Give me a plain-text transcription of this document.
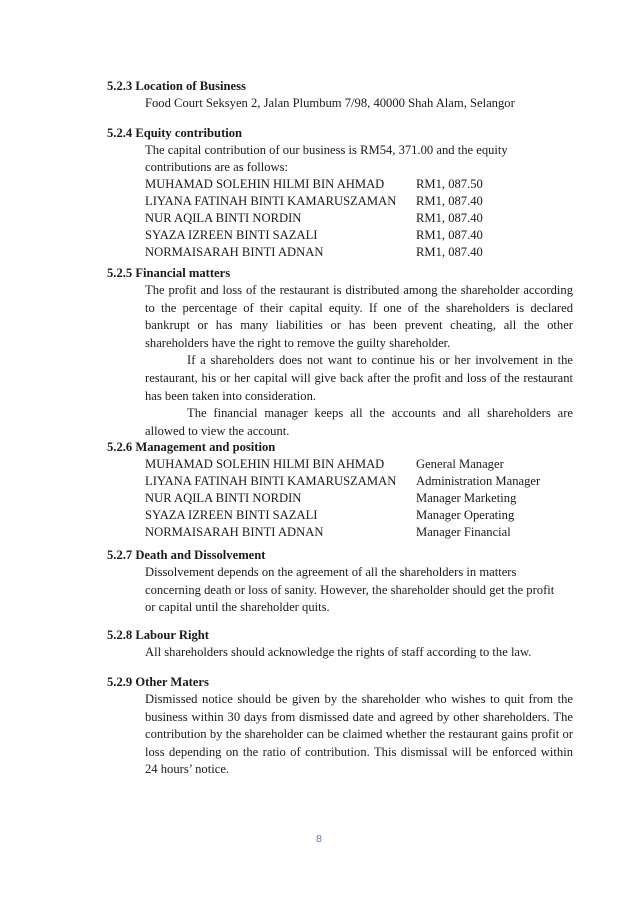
5.2.3 Location of Business
Food Court Seksyen 2, Jalan Plumbum 7/98, 40000 Shah Alam, Selangor
5.2.4 Equity contribution
The capital contribution of our business is RM54, 371.00 and the equity
contributions are as follows:
MUHAMAD SOLEHIN HILMI BIN AHMAD	RM1, 087.50
LIYANA FATINAH BINTI KAMARUSZAMAN	RM1, 087.40
NUR AQILA BINTI NORDIN	RM1, 087.40
SYAZA IZREEN BINTI SAZALI	RM1, 087.40
NORMAISARAH BINTI ADNAN	RM1, 087.40
5.2.5 Financial matters
The profit and loss of the restaurant is distributed among the shareholder according to the percentage of their capital equity. If one of the shareholders is declared bankrupt or has many liabilities or has been prevent cheating, all the other shareholders have the right to remove the guilty shareholder.
If a shareholders does not want to continue his or her involvement in the restaurant, his or her capital will give back after the profit and loss of the restaurant has been taken into consideration.
The financial manager keeps all the accounts and all shareholders are allowed to view the account.
5.2.6 Management and position
MUHAMAD SOLEHIN HILMI BIN AHMAD	General Manager
LIYANA FATINAH BINTI KAMARUSZAMAN	Administration Manager
NUR AQILA BINTI NORDIN	Manager Marketing
SYAZA IZREEN BINTI SAZALI	Manager Operating
NORMAISARAH BINTI ADNAN	Manager Financial
5.2.7 Death and Dissolvement
Dissolvement depends on the agreement of all the shareholders in matters
concerning death or loss of sanity. However, the shareholder should get the profit
or capital until the shareholder quits.
5.2.8 Labour Right
All shareholders should acknowledge the rights of staff according to the law.
5.2.9 Other Maters
Dismissed notice should be given by the shareholder who wishes to quit from the business within 30 days from dismissed date and agreed by other shareholders. The contribution by the shareholder can be claimed whether the restaurant gains profit or loss depending on the ratio of contribution. This dismissal will be enforced within 24 hours’ notice.
8
